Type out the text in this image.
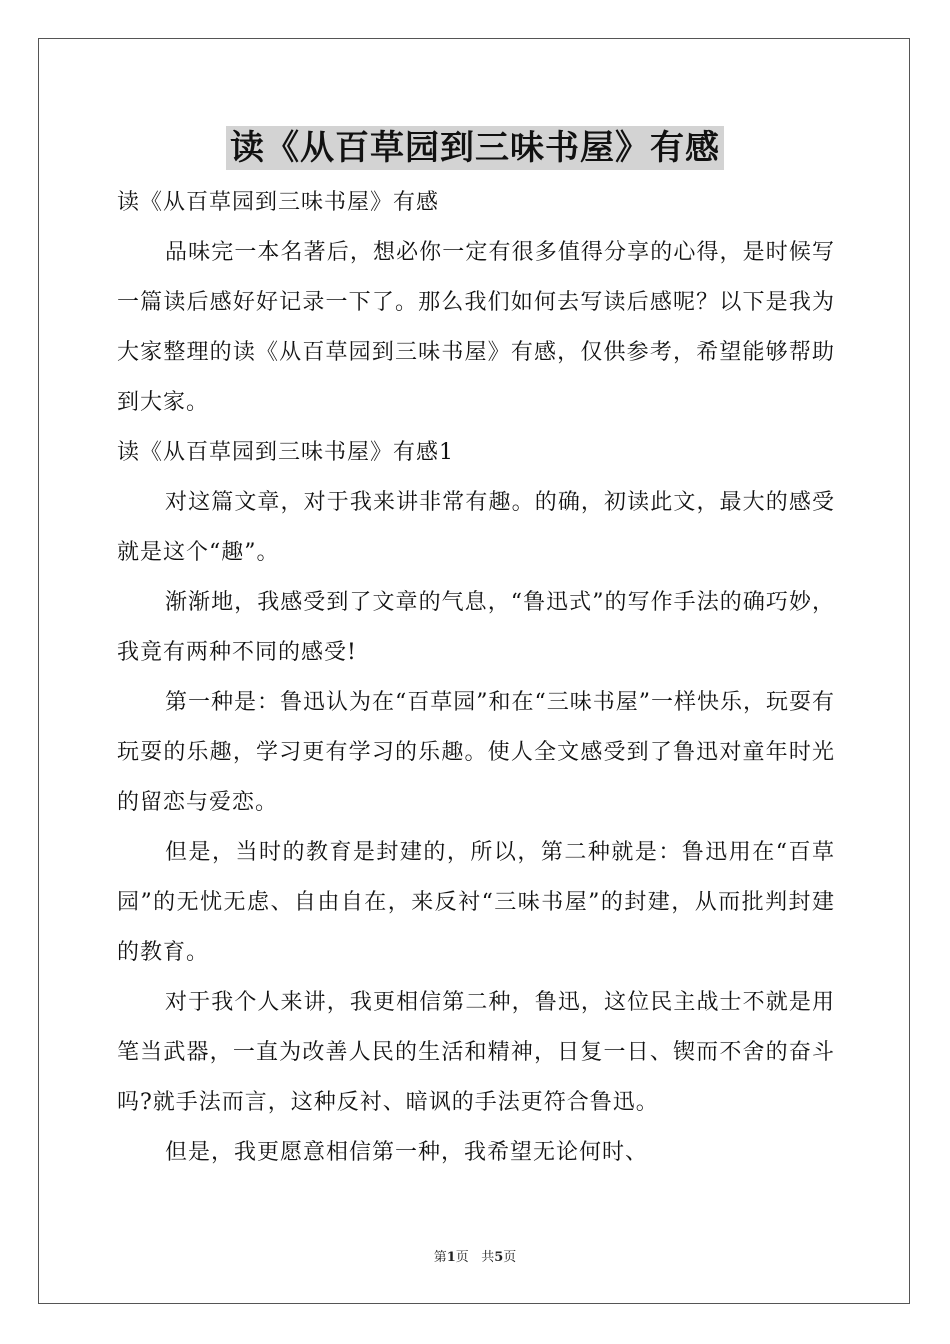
读《从百草园到三味书屋》有感

读《从百草园到三味书屋》有感

品味完一本名著后，想必你一定有很多值得分享的心得，是时候写一篇读后感好好记录一下了。那么我们如何去写读后感呢？以下是我为大家整理的读《从百草园到三味书屋》有感，仅供参考，希望能够帮助到大家。

读《从百草园到三味书屋》有感1

对这篇文章，对于我来讲非常有趣。的确，初读此文，最大的感受就是这个“趣”。

渐渐地，我感受到了文章的气息，“鲁迅式”的写作手法的确巧妙，我竟有两种不同的感受!

第一种是：鲁迅认为在“百草园”和在“三味书屋”一样快乐，玩耍有玩耍的乐趣，学习更有学习的乐趣。使人全文感受到了鲁迅对童年时光的留恋与爱恋。

但是，当时的教育是封建的，所以，第二种就是：鲁迅用在“百草园”的无忧无虑、自由自在，来反衬“三味书屋”的封建，从而批判封建的教育。

对于我个人来讲，我更相信第二种，鲁迅，这位民主战士不就是用笔当武器，一直为改善人民的生活和精神，日复一日、锲而不舍的奋斗吗?就手法而言，这种反衬、暗讽的手法更符合鲁迅。

但是，我更愿意相信第一种，我希望无论何时、

第1页 共5页
